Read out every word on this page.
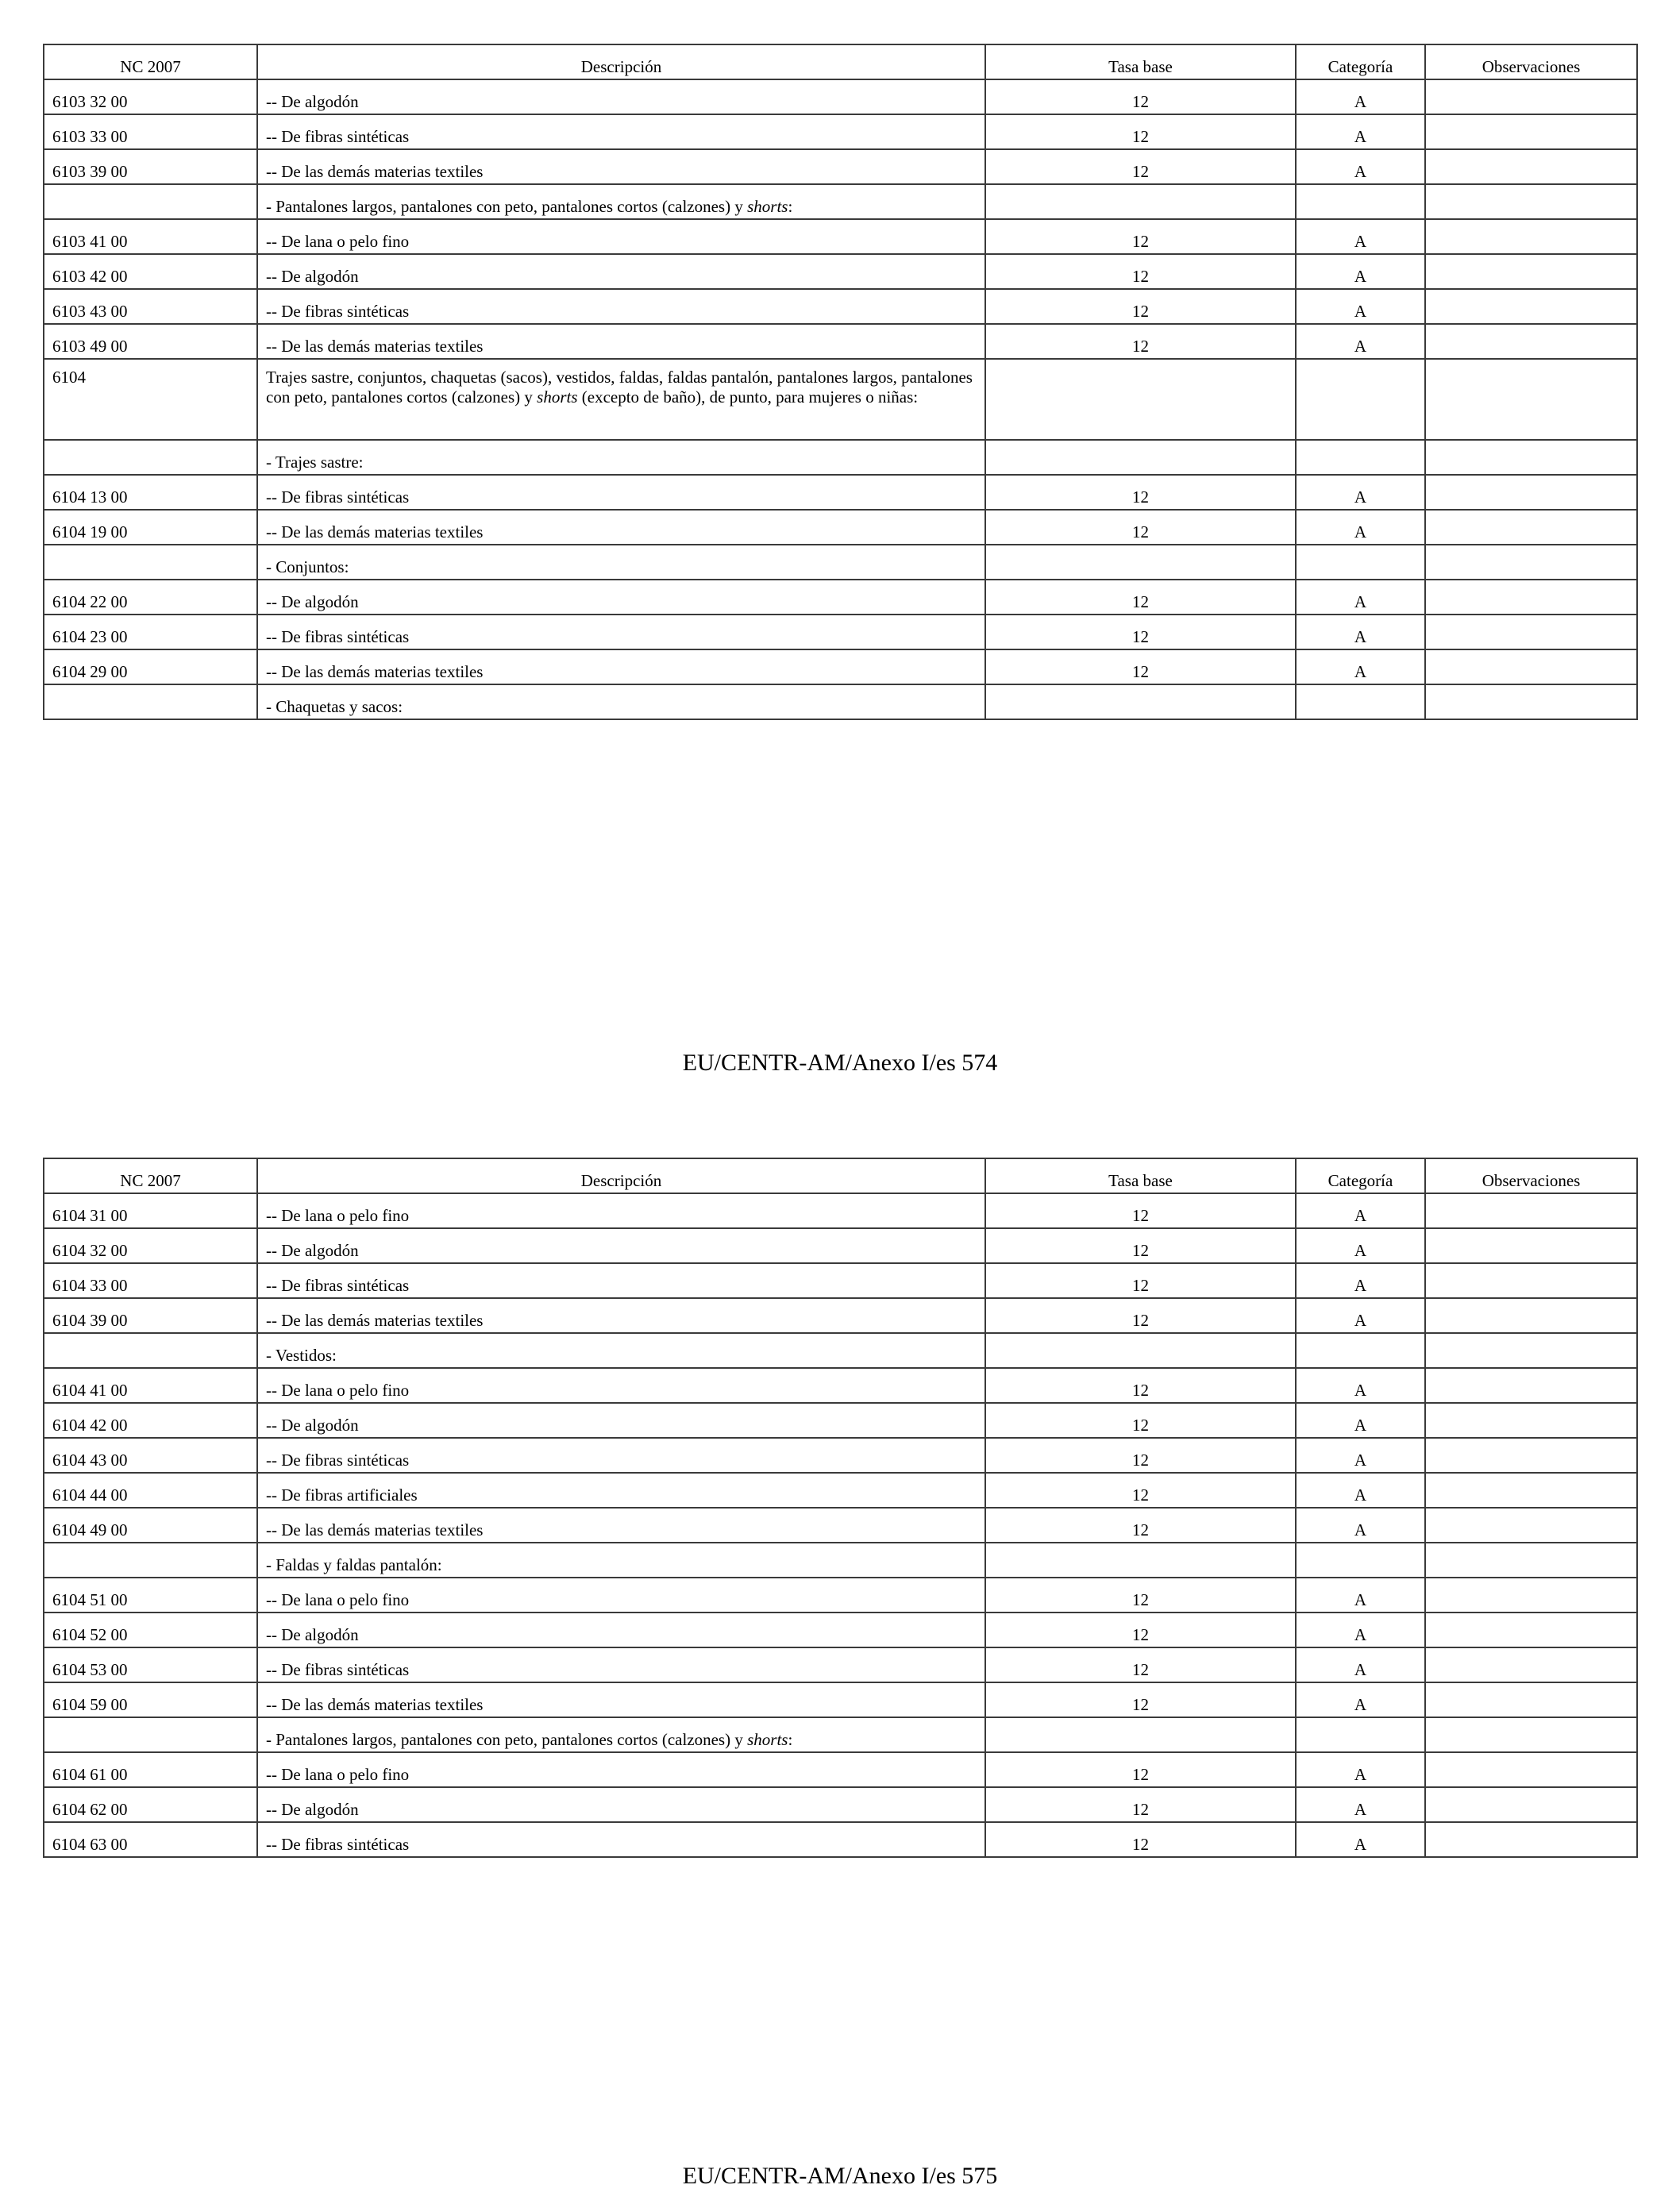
NC 2007	Descripción	Tasa base	Categoría	Observaciones
6103 32 00	-- De algodón	12	A	
6103 33 00	-- De fibras sintéticas	12	A	
6103 39 00	-- De las demás materias textiles	12	A	
	- Pantalones largos, pantalones con peto, pantalones cortos (calzones) y shorts:			
6103 41 00	-- De lana o pelo fino	12	A	
6103 42 00	-- De algodón	12	A	
6103 43 00	-- De fibras sintéticas	12	A	
6103 49 00	-- De las demás materias textiles	12	A	
6104	Trajes sastre, conjuntos, chaquetas (sacos), vestidos, faldas, faldas pantalón, pantalones largos, pantalones con peto, pantalones cortos (calzones) y shorts (excepto de baño), de punto, para mujeres o niñas:			
	- Trajes sastre:			
6104 13 00	-- De fibras sintéticas	12	A	
6104 19 00	-- De las demás materias textiles	12	A	
	- Conjuntos:			
6104 22 00	-- De algodón	12	A	
6104 23 00	-- De fibras sintéticas	12	A	
6104 29 00	-- De las demás materias textiles	12	A	
	- Chaquetas y sacos:			
EU/CENTR-AM/Anexo I/es 574
NC 2007	Descripción	Tasa base	Categoría	Observaciones
6104 31 00	-- De lana o pelo fino	12	A	
6104 32 00	-- De algodón	12	A	
6104 33 00	-- De fibras sintéticas	12	A	
6104 39 00	-- De las demás materias textiles	12	A	
	- Vestidos:			
6104 41 00	-- De lana o pelo fino	12	A	
6104 42 00	-- De algodón	12	A	
6104 43 00	-- De fibras sintéticas	12	A	
6104 44 00	-- De fibras artificiales	12	A	
6104 49 00	-- De las demás materias textiles	12	A	
	- Faldas y faldas pantalón:			
6104 51 00	-- De lana o pelo fino	12	A	
6104 52 00	-- De algodón	12	A	
6104 53 00	-- De fibras sintéticas	12	A	
6104 59 00	-- De las demás materias textiles	12	A	
	- Pantalones largos, pantalones con peto, pantalones cortos (calzones) y shorts:			
6104 61 00	-- De lana o pelo fino	12	A	
6104 62 00	-- De algodón	12	A	
6104 63 00	-- De fibras sintéticas	12	A	
EU/CENTR-AM/Anexo I/es 575
